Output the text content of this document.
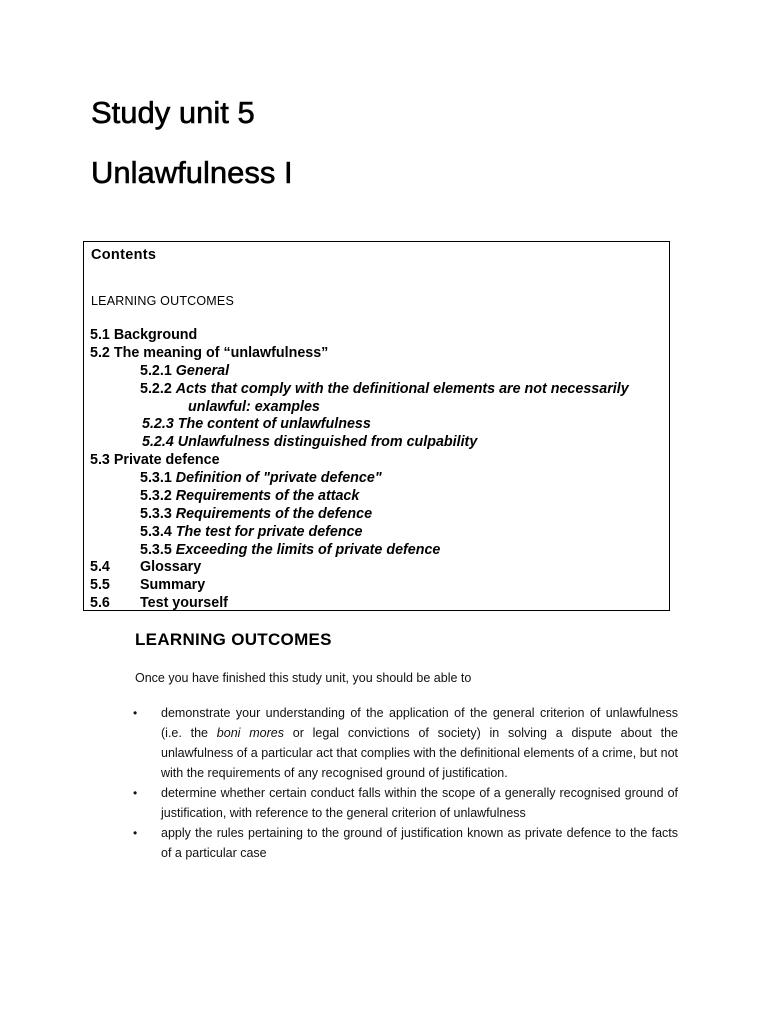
Study unit 5
Unlawfulness I
Contents
LEARNING OUTCOMES
5.1 Background
5.2 The meaning of “unlawfulness”
5.2.1 General
5.2.2 Acts that comply with the definitional elements are not necessarily
unlawful: examples
5.2.3 The content of unlawfulness
5.2.4 Unlawfulness distinguished from culpability
5.3 Private defence
5.3.1 Definition of "private defence"
5.3.2 Requirements of the attack
5.3.3 Requirements of the defence
5.3.4 The test for private defence
5.3.5 Exceeding the limits of private defence
5.4 Glossary
5.5 Summary
5.6 Test yourself
LEARNING OUTCOMES
Once you have finished this study unit, you should be able to
• demonstrate your understanding of the application of the general criterion of unlawfulness (i.e. the boni mores or legal convictions of society) in solving a dispute about the unlawfulness of a particular act that complies with the definitional elements of a crime, but not with the requirements of any recognised ground of justification.
• determine whether certain conduct falls within the scope of a generally recognised ground of justification, with reference to the general criterion of unlawfulness
• apply the rules pertaining to the ground of justification known as private defence to the facts of a particular case
